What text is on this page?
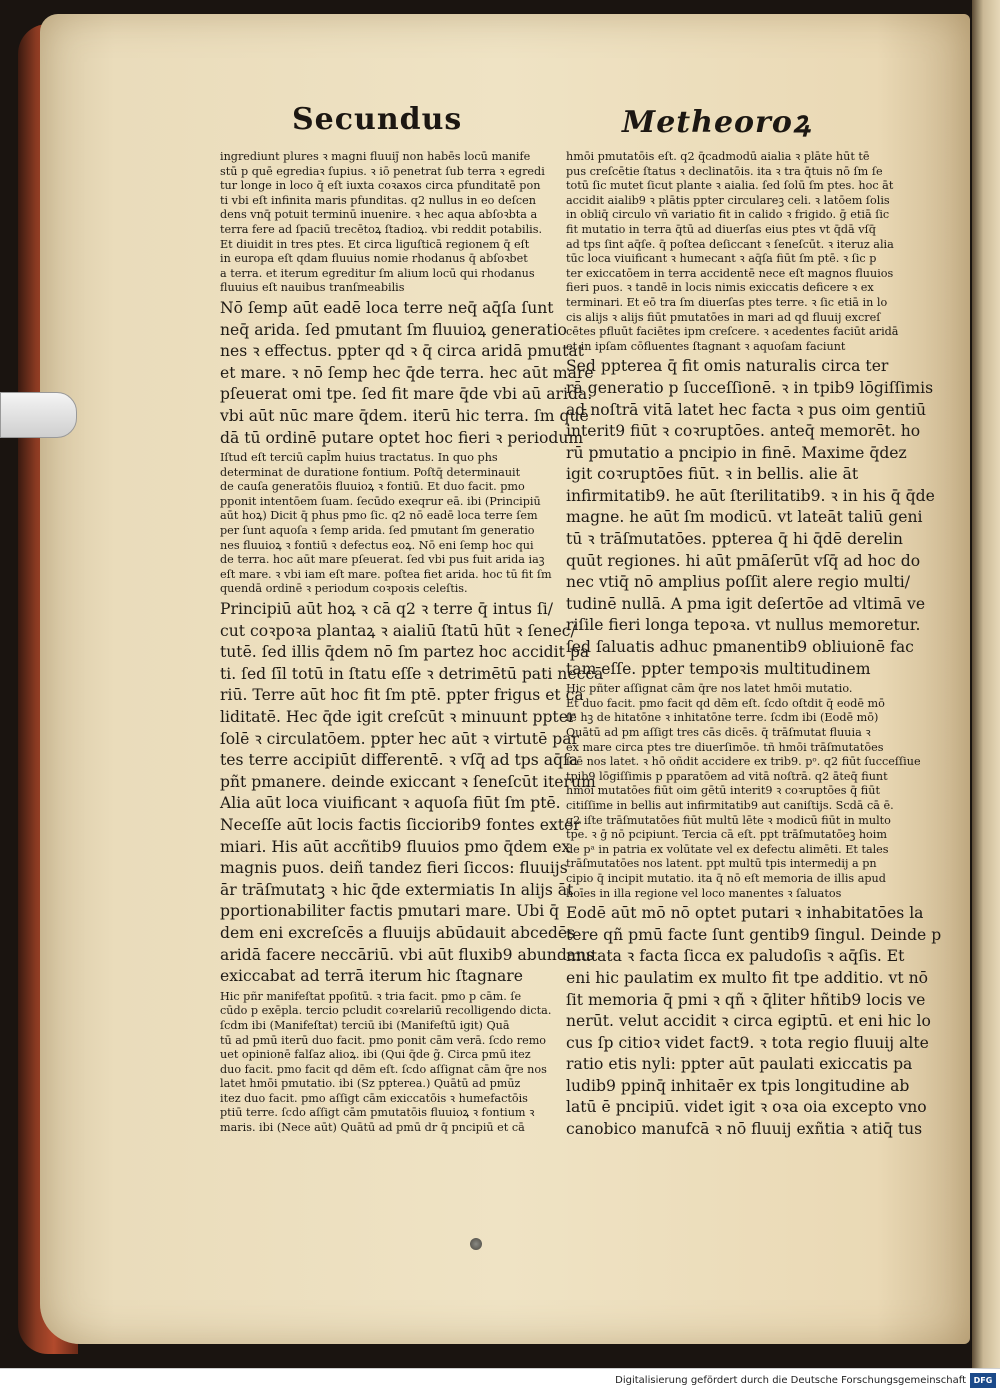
Secundus	Metheoroꝝ
ingrediunt plures ꝛ magni fluuiȷ̄ non habēs locū manife
stū p quē egrediaꝛ ſupius. ꝛ iō penetrat ſub terra ꝛ egredi
tur longe in loco q̄ eſt iuxta coꝛaxos circa pfunditatē pon
ti vbi eſt infinita maris pfunditas. q2 nullus in eo deſcen
dens vnq̄ potuit terminū inuenire. ꝛ hec aqua abſoꝛbta a
terra fere ad ſpaciū trecētoꝝ ſtadioꝝ. vbi reddit potabilis.
Et diuidit in tres ptes. Et circa liguſticā regionem q̄ eſt
in europa eſt qdam fluuius nomie rhodanus q̄ abſoꝛbet
a terra. et iterum egreditur ſm alium locū qui rhodanus
fluuius eſt nauibus tranſmeabilis
Nō ſemp aūt eadē loca terre neq̄ aq̄ſa ſunt
neq̄ arida. ſed pmutant ſm fluuioꝝ generatio
nes ꝛ effectus. ppter qd ꝛ q̄ circa aridā pmutat
et mare. ꝛ nō ſemp hec q̄de terra. hec aūt mare
pſeuerat omi tpe. ſed fit mare q̄de vbi aū arida.
vbi aūt nūc mare q̄dem. iterū hic terra. ſm quē
dā tū ordinē putare optet hoc fieri ꝛ periodum
Iſtud eſt terciū capl̄m huius tractatus. In quo phs
determinat de duratione fontium. Poſtq̄ determinauit
de cauſa generatōis fluuioꝝ ꝛ fontiū. Et duo facit. pmo
pponit intentōem ſuam. ſecūdo exeqrur eā. ibi (Principiū
aūt hoꝝ) Dicit q̄ phus pmo ſic. q2 nō eadē loca terre ſem
per ſunt aquoſa ꝛ ſemp arida. ſed pmutant ſm generatio
nes fluuioꝝ ꝛ fontiū ꝛ defectus eoꝝ. Nō eni ſemp hoc qui
de terra. hoc aūt mare pſeuerat. ſed vbi pus fuit arida iaꝫ
eſt mare. ꝛ vbi iam eſt mare. poſtea fiet arida. hoc tū fit ſm
quendā ordinē ꝛ periodum coꝛpoꝛis celeſtis.
Principiū aūt hoꝝ ꝛ cā q2 ꝛ terre q̄ intus ſi/
cut coꝛpoꝛa plantaꝝ ꝛ aialiū ſtatū hūt ꝛ ſenec/
tutē. ſed illis q̄dem nō ſm partez hoc accidit pa
ti. ſed ſīl totū in ſtatu eſſe ꝛ detrimētū pati neccā
riū. Terre aūt hoc fit ſm ptē. ppter frigus et ca
liditatē. Hec q̄de igit creſcūt ꝛ minuunt ppter
ſolē ꝛ circulatōem. ppter hec aūt ꝛ virtutē par
tes terre accipiūt differentē. ꝛ vſq̄ ad tps aq̄ſa
pñt pmanere. deinde exiccant ꝛ ſeneſcūt iterum
Alia aūt loca viuificant ꝛ aquoſa fiūt ſm ptē.
Neceſſe aūt locis factis ſicciorib9 fontes exter
miari. His aūt accñtib9 fluuios pmo q̄dem ex
magnis puos. deiñ tandez fieri ſiccos: fluuijs
ār trāſmutatꝫ ꝛ hic q̄de extermiatis In alijs āt
pportionabiliter factis pmutari mare. Ubi q̄
dem eni excreſcēs a fluuijs abūdauit abcedēs
aridā facere neccāriū. vbi aūt fluxib9 abundans
exiccabat ad terrā iterum hic ſtagnare
Hic pñr manifeſtat ppoſitū. ꝛ tria facit. pmo p cām. ſe
cūdo p exēpla. tercio pcludit coꝛrelariū recolligendo dicta.
ſcdm ibi (Manifeſtat) terciū ibi (Manifeſtū igit) Quā
tū ad pmū iterū duo facit. pmo ponit cām verā. ſcdo remo
uet opinionē falſaz alioꝝ. ibi (Qui q̄de g̃. Circa pmū itez
duo facit. pmo facit qd dēm eſt. ſcdo aſſignat cām q̄re nos
latet hmōi pmutatio. ibi (Sz ppterea.) Quātū ad pmūz
itez duo facit. pmo aſſigt cām exiccatōis ꝛ humefactōis
ptiū terre. ſcdo aſſigt cām pmutatōis fluuioꝝ ꝛ fontium ꝛ
maris. ibi (Nece aūt) Quātū ad pmū dr q̄ pncipiū et cā
hmōi pmutatōis eſt. q2 q̄cadmodū aialia ꝛ plāte hūt tē
pus creſcētie ſtatus ꝛ declinatōis. ita ꝛ tra q̄tuis nō ſm ſe
totū ſic mutet ſicut plante ꝛ aialia. ſed ſolū ſm ptes. hoc āt
accidit aialib9 ꝛ plātis ppter circulareꝫ celi. ꝛ latōem ſolis
in obliq̄ circulo vñ variatio fit in calido ꝛ frigido. ḡ etiā ſic
fit mutatio in terra q̄tū ad diuerſas eius ptes vt q̄dā vſq̄
ad tps ſint aq̄ſe. q̄ poſtea deſiccant ꝛ ſeneſcūt. ꝛ iteruz alia
tūc loca viuificant ꝛ humecant ꝛ aq̄ſa fiūt ſm ptē. ꝛ ſic p
ter exiccatōem in terra accidentē nece eſt magnos fluuios
fieri puos. ꝛ tandē in locis nimis exiccatis deficere ꝛ ex
terminari. Et eō tra ſm diuerſas ptes terre. ꝛ ſic etiā in lo
cis alijs ꝛ alijs fiūt pmutatōes in mari ad qd fluuij excreſ
cētes pfluūt faciētes ipm creſcere. ꝛ acedentes faciūt aridā
et in ipſam cōfluentes ſtagnant ꝛ aquoſam faciunt
Sed ppterea q̄ fit omis naturalis circa ter
rā generatio p ſucceſſionē. ꝛ in tpib9 lōgiſſimis
ad noſtrā vitā latet hec facta ꝛ pus oim gentiū
interit9 fiūt ꝛ coꝛruptōes. anteq̄ memorēt. ho
rū pmutatio a pncipio in finē. Maxime q̄dez
igit coꝛruptōes fiūt. ꝛ in bellis. alie āt
infirmitatib9. he aūt ſterilitatib9. ꝛ in his q̄ q̄de
magne. he aūt ſm modicū. vt lateāt taliū geni
tū ꝛ trāſmutatōes. ppterea q̄ hi q̄dē derelin
quūt regiones. hi aūt pmāſerūt vſq̄ ad hoc do
nec vtiq̄ nō amplius poſſit alere regio multi/
tudinē nullā. A pma igit deſertōe ad vltimā ve
riſile fieri longa tepoꝛa. vt nullus memoretur.
ſed ſaluatis adhuc pmanentib9 obliuionē fac
tam eſſe. ppter tempoꝛis multitudinem
Hic pñter aſſignat cām q̄re nos latet hmōi mutatio.
Et duo facit. pmo facit qd dēm eſt. ſcdo oſtdit q̄ eodē mō
ſe hꝫ de hitatōne ꝛ inhitatōne terre. ſcdm ibi (Eodē mō)
Quātū ad pm aſſigt tres cās dicēs. q̄ trāſmutat fluuia ꝛ
ex mare circa ptes tre diuerſimōe. tñ hmōi trāſmutatōes
ſcē nos latet. ꝛ hō oñdit accidere ex trib9. pᵒ. q2 fiūt ſucceſſiue
tpib9 lōgiſſimis p pparatōem ad vitā noſtrā. q2 āteq̄ fiunt
hmōi mutatōes fiūt oim gētū interit9 ꝛ coꝛruptōes q̄ fiūt
citiſſime in bellis aut infirmitatib9 aut caniſtijs. Scdā cā ē.
q2 iſte trāſmutatōes fiūt multū lēte ꝛ modicū fiūt in multo
tpe. ꝛ ḡ nō pcipiunt. Tercia cā eſt. ppt trāſmutatōeꝫ hoim
de pᵃ in patria ex volūtate vel ex defectu alimēti. Et tales
trāſmutatōes nos latent. ppt multū tpis intermedij a pn
cipio q̄ incipit mutatio. ita q̄ nō eſt memoria de illis apud
hoīes in illa regione vel loco manentes ꝛ ſaluatos
Eodē aūt mō nō optet putari ꝛ inhabitatōes la
tere qñ pmū facte ſunt gentib9 ſingul. Deinde p
mutata ꝛ facta ſicca ex paludoſis ꝛ aq̄ſis. Et
eni hic paulatim ex multo fit tpe additio. vt nō
ſit memoria q̄ pmi ꝛ qñ ꝛ q̄liter hñtib9 locis ve
nerūt. velut accidit ꝛ circa egiptū. et eni hic lo
cus ſp citioꝛ videt fact9. ꝛ tota regio fluuij alte
ratio etis nyli: ppter aūt paulati exiccatis pa
ludib9 ppinq̄ inhitaēr ex tpis longitudine ab
latū ē pncipiū. videt igit ꝛ oꝛa oia excepto vno
canobico manufcā ꝛ nō fluuij exñtia ꝛ atiq̄ tus
Digitalisierung gefördert durch die Deutsche Forschungsgemeinschaft DFG
